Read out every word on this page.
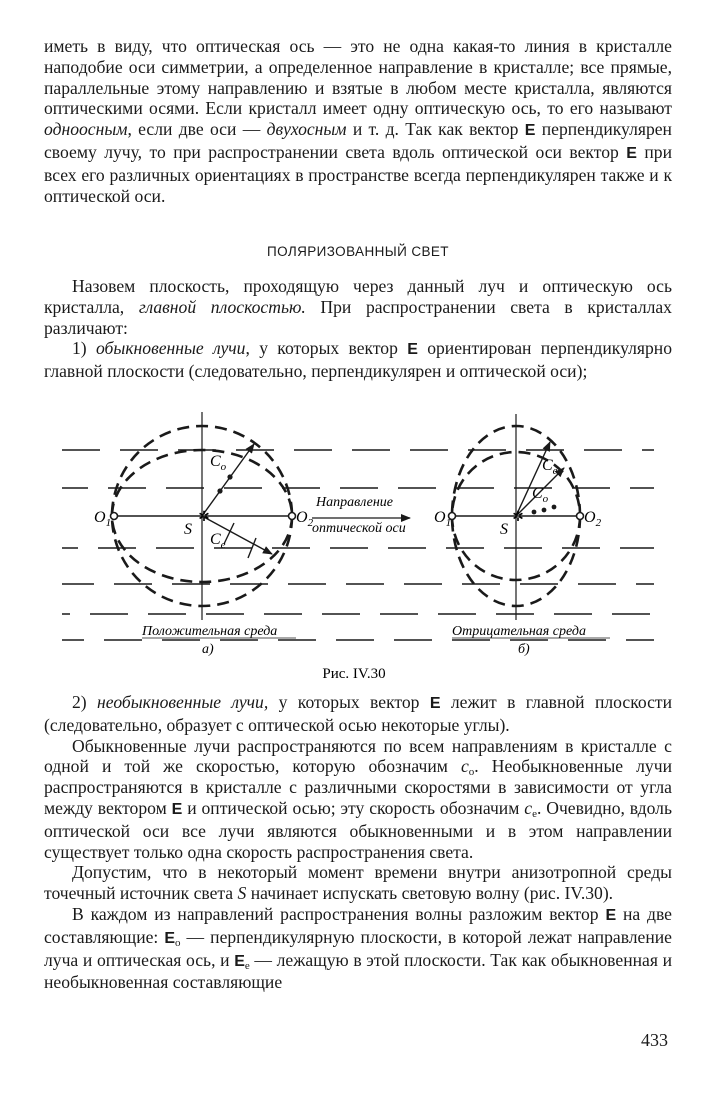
иметь в виду, что оптическая ось — это не одна какая-то линия в кристалле наподобие оси симметрии, а определенное направление в кристалле; все прямые, параллельные этому направлению и взятые в любом месте кристалла, являются оптическими осями. Если кристалл имеет одну оптическую ось, то его называют одноосным, если две оси — двухосным и т. д. Так как вектор E перпендикулярен своему лучу, то при распространении света вдоль оптической оси вектор E при всех его различных ориентациях в пространстве всегда перпендикулярен также и к оптической оси.

ПОЛЯРИЗОВАННЫЙ СВЕТ

Назовем плоскость, проходящую через данный луч и оптическую ось кристалла, главной плоскостью. При распространении света в кристаллах различают:

1) обыкновенные лучи, у которых вектор E ориентирован перпендикулярно главной плоскости (следовательно, перпендикулярен и оптической оси);

✲
$O_1$	$O_2$
S
$C_o$
$C_e$
Положительная среда
а)
Направление
оптической оси
✲
$O_1$	$O_2$
S
$C_e$
$C_o$
Отрицательная среда
б)
Рис. IV.30

2) необыкновенные лучи, у которых вектор E лежит в главной плоскости (следовательно, образует с оптической осью некоторые углы).

Обыкновенные лучи распространяются по всем направлениям в кристалле с одной и той же скоростью, которую обозначим $c_o$. Необыкновенные лучи распространяются в кристалле с различными скоростями в зависимости от угла между вектором E и оптической осью; эту скорость обозначим $c_e$. Очевидно, вдоль оптической оси все лучи являются обыкновенными и в этом направлении существует только одна скорость распространения света.

Допустим, что в некоторый момент времени внутри анизотропной среды точечный источник света S начинает испускать световую волну (рис. IV.30).

В каждом из направлений распространения волны разложим вектор E на две составляющие: $E_o$ — перпендикулярную плоскости, в которой лежат направление луча и оптическая ось, и $E_e$ — лежащую в этой плоскости. Так как обыкновенная и необыкновенная составляющие

433
